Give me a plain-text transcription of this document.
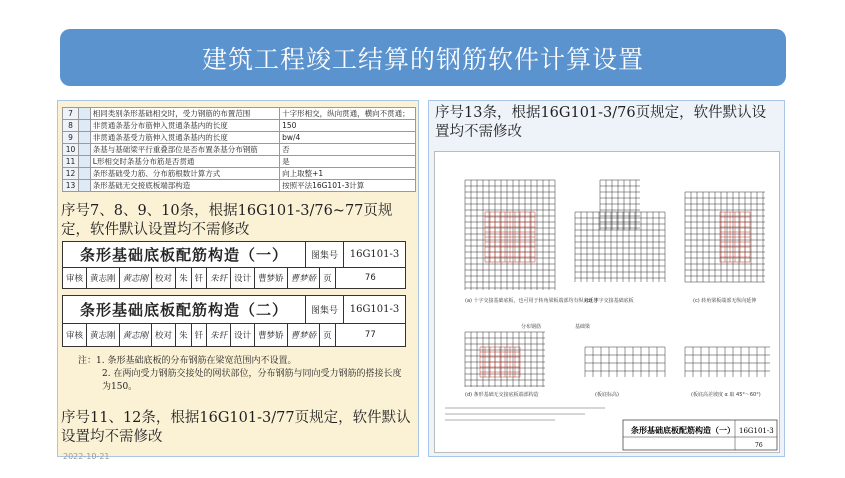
建筑工程竣工结算的钢筋软件计算设置
7		相同类别条形基础相交时，受力钢筋的布置范围	十字形相交，纵向贯通，横向不贯通；
8		非贯通条基分布筋伸入贯通条基内的长度	150
9		非贯通条基受力筋伸入贯通条基内的长度	bw/4
10		条基与基础梁平行重叠部位是否布置条基分布钢筋	否
11		L形相交时条基分布筋是否贯通	是
12		条形基础受力筋、分布筋根数计算方式	向上取整+1
13		条形基础无交接底板端部构造	按照平法16G101-3计算
序号7、8、9、10条，根据16G101-3/76~77页规定，软件默认设置均不需修改
条形基础底板配筋构造（一）	图集号	16G101-3
审核 黄志刚 黄志刚 校对 朱 钎 朱钎 设计 曹梦娇 曹梦娇 页	76
条形基础底板配筋构造（二）	图集号	16G101-3
审核 黄志刚 黄志刚 校对 朱 钎 朱钎 设计 曹梦娇 曹梦娇 页	77
注：1. 条形基础底板的分布钢筋在梁宽范围内不设置。
2. 在两向受力钢筋交接处的网状部位，分布钢筋与同向受力钢筋的搭接长度为150。
序号11、12条，根据16G101-3/77页规定，软件默认设置均不需修改
2022-10-21
序号13条，根据16G101-3/76页规定，软件默认设置均不需修改
(a) 十字交接基础底板，也可用于转角梁板端部均有纵向延伸
(b) 丁字交接基础底板	(c) 转角梁板端部无纵向延伸
(d) 条形基础无交接底板端部构造	(板底标高)	(板底高差坡度 α 取 45°～60°)
基础梁
分布钢筋
条形基础底板配筋构造（一） 16G101-3
76
